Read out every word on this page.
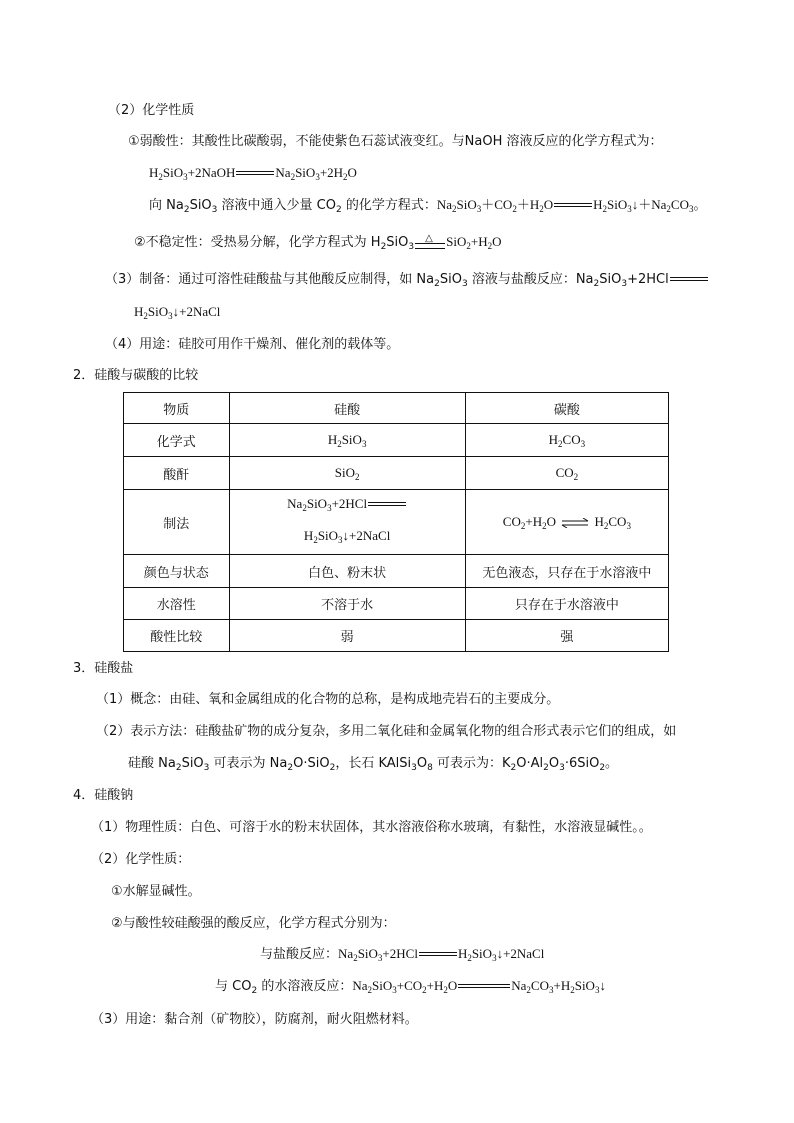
（2）化学性质
①弱酸性：其酸性比碳酸弱，不能使紫色石蕊试液变红。与NaOH 溶液反应的化学方程式为：
$H_2SiO_3+2NaOH$	$Na_2SiO_3+2H_2O$
向 $Na_2SiO_3$ 溶液中通入少量 $CO_2$ 的化学方程式：$Na_2SiO_3+CO_2+H_2O$	$H_2SiO_3↓+Na_2CO_3$。
②不稳定性：受热易分解，化学方程式为 $H_2SiO_3$
△ $SiO_2+H_2O$
（3）制备：通过可溶性硅酸盐与其他酸反应制得，如 $Na_2SiO_3$ 溶液与盐酸反应：$Na_2SiO_3+2HCl$
$H_2SiO_3↓+2NaCl$
（4）用途：硅胶可用作干燥剂、催化剂的载体等。
2．硅酸与碳酸的比较
物质	硅酸	碳酸
化学式	$H_2SiO_3$	$H_2CO_3$
酸酐	SiO$_2$	$CO_2$
制法	$Na_2SiO_3+2HCl$
$H_2SiO_3↓+2NaCl$	$CO_2+H_2O$ ⇌ $H_2CO_3$
颜色与状态	白色、粉末状	无色液态，只存在于水溶液中
水溶性	不溶于水	只存在于水溶液中
酸性比较	弱	强
3．硅酸盐
（1）概念：由硅、氧和金属组成的化合物的总称，是构成地壳岩石的主要成分。
（2）表示方法：硅酸盐矿物的成分复杂，多用二氧化硅和金属氧化物的组合形式表示它们的组成，如
硅酸 $Na_2SiO_3$ 可表示为 $Na_2O\cdot SiO_2$，长石 $KAlSi_3O_8$ 可表示为：$K_2O\cdot Al_2O_3\cdot 6SiO_2$。
4．硅酸钠
（1）物理性质：白色、可溶于水的粉末状固体，其水溶液俗称水玻璃，有黏性，水溶液显碱性。。
（2）化学性质：
①水解显碱性。
②与酸性较硅酸强的酸反应，化学方程式分别为：
与盐酸反应：$Na_2SiO_3+2HCl$	$H_2SiO_3↓+2NaCl$
与 $CO_2$ 的水溶液反应：$Na_2SiO_3+CO_2+H_2O$	$Na_2CO_3+H_2SiO_3↓$
（3）用途：黏合剂（矿物胶），防腐剂，耐火阻燃材料。
